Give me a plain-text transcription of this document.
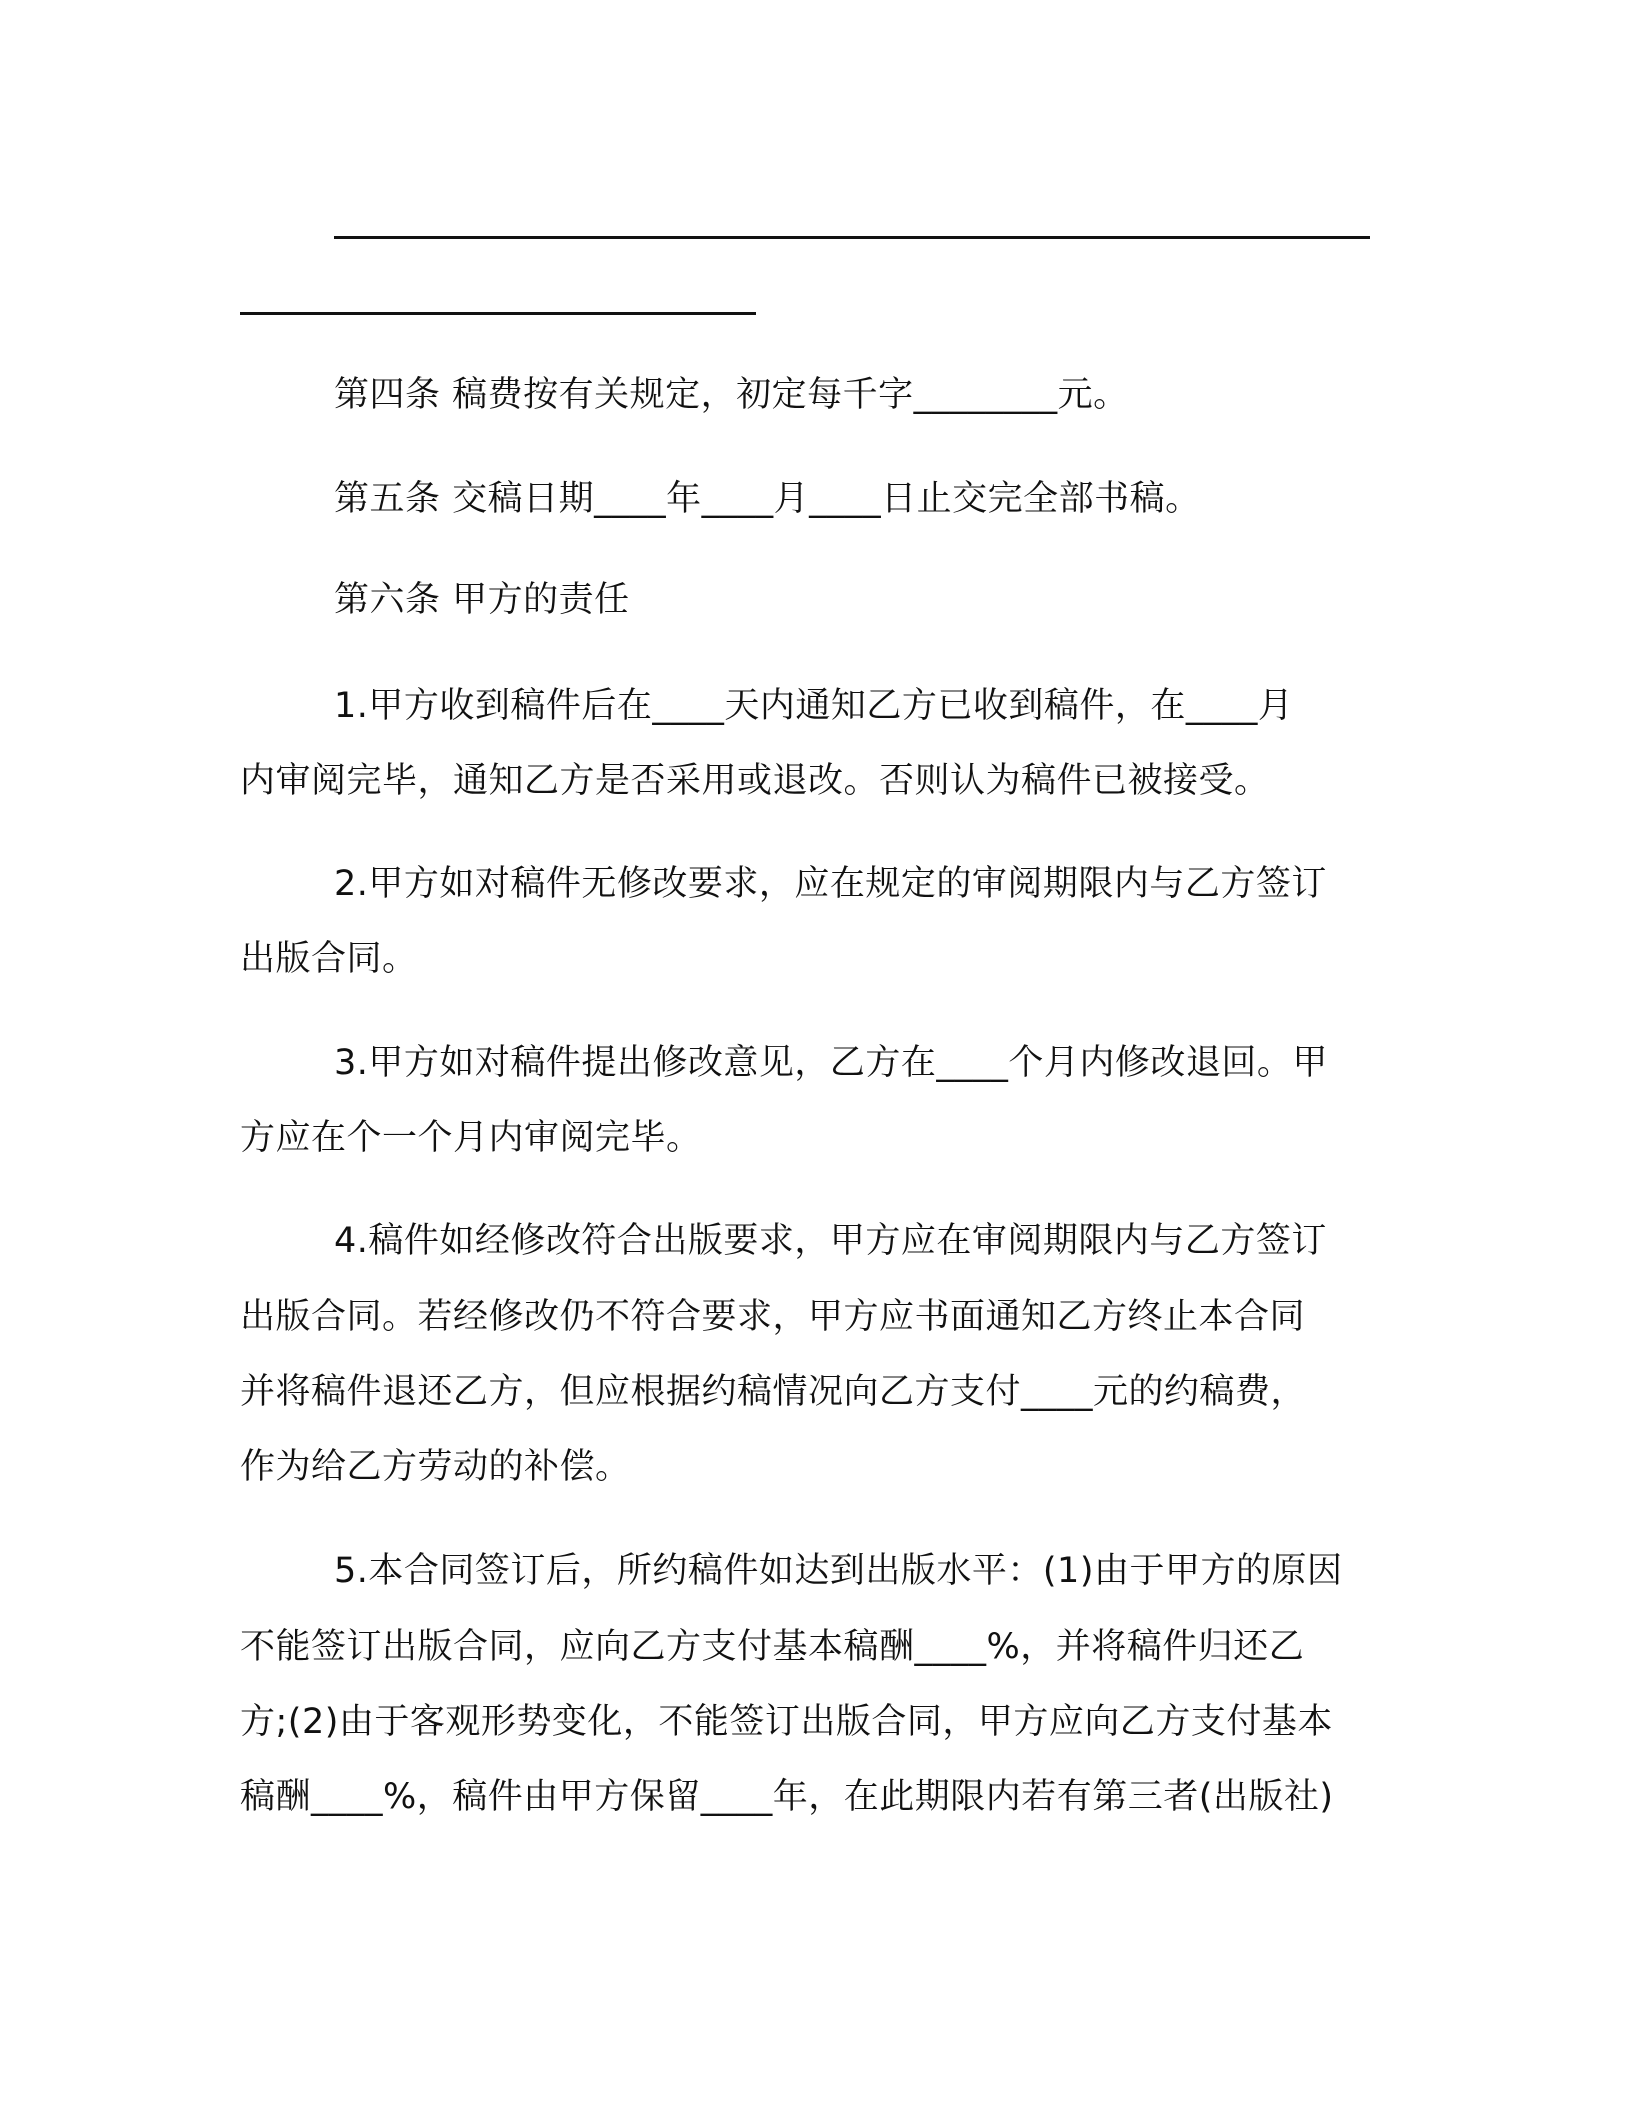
第四条 稿费按有关规定，初定每千字________元。
第五条 交稿日期____年____月____日止交完全部书稿。
第六条 甲方的责任
1.甲方收到稿件后在____天内通知乙方已收到稿件，在____月
内审阅完毕，通知乙方是否采用或退改。否则认为稿件已被接受。
2.甲方如对稿件无修改要求，应在规定的审阅期限内与乙方签订
出版合同。
3.甲方如对稿件提出修改意见，乙方在____个月内修改退回。甲
方应在个一个月内审阅完毕。
4.稿件如经修改符合出版要求，甲方应在审阅期限内与乙方签订
出版合同。若经修改仍不符合要求，甲方应书面通知乙方终止本合同
并将稿件退还乙方，但应根据约稿情况向乙方支付____元的约稿费，
作为给乙方劳动的补偿。
5.本合同签订后，所约稿件如达到出版水平：(1)由于甲方的原因
不能签订出版合同，应向乙方支付基本稿酬____%，并将稿件归还乙
方;(2)由于客观形势变化，不能签订出版合同，甲方应向乙方支付基本
稿酬____%，稿件由甲方保留____年，在此期限内若有第三者(出版社)
